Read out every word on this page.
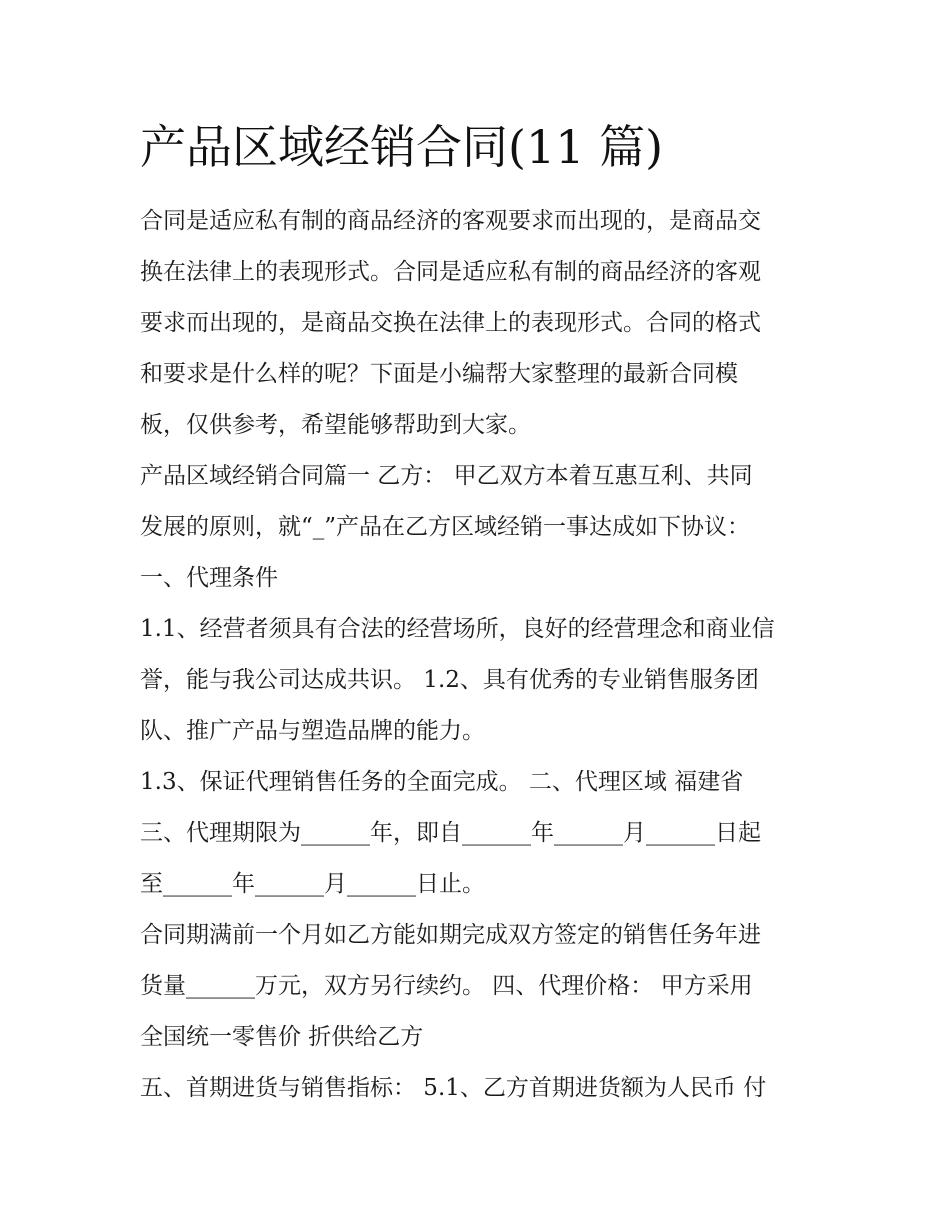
产品区域经销合同(11 篇)
合同是适应私有制的商品经济的客观要求而出现的，是商品交
换在法律上的表现形式。合同是适应私有制的商品经济的客观
要求而出现的，是商品交换在法律上的表现形式。合同的格式
和要求是什么样的呢？下面是小编帮大家整理的最新合同模
板，仅供参考，希望能够帮助到大家。
产品区域经销合同篇一 乙方： 甲乙双方本着互惠互利、共同
发展的原则，就“_”产品在乙方区域经销一事达成如下协议：
一、代理条件
1.1、经营者须具有合法的经营场所，良好的经营理念和商业信
誉，能与我公司达成共识。 1.2、具有优秀的专业销售服务团
队、推广产品与塑造品牌的能力。
1.3、保证代理销售任务的全面完成。 二、代理区域 福建省
三、代理期限为______年，即自______年______月______日起
至______年______月______日止。
合同期满前一个月如乙方能如期完成双方签定的销售任务年进
货量______万元，双方另行续约。 四、代理价格： 甲方采用
全国统一零售价 折供给乙方
五、首期进货与销售指标： 5.1、乙方首期进货额为人民币 付
